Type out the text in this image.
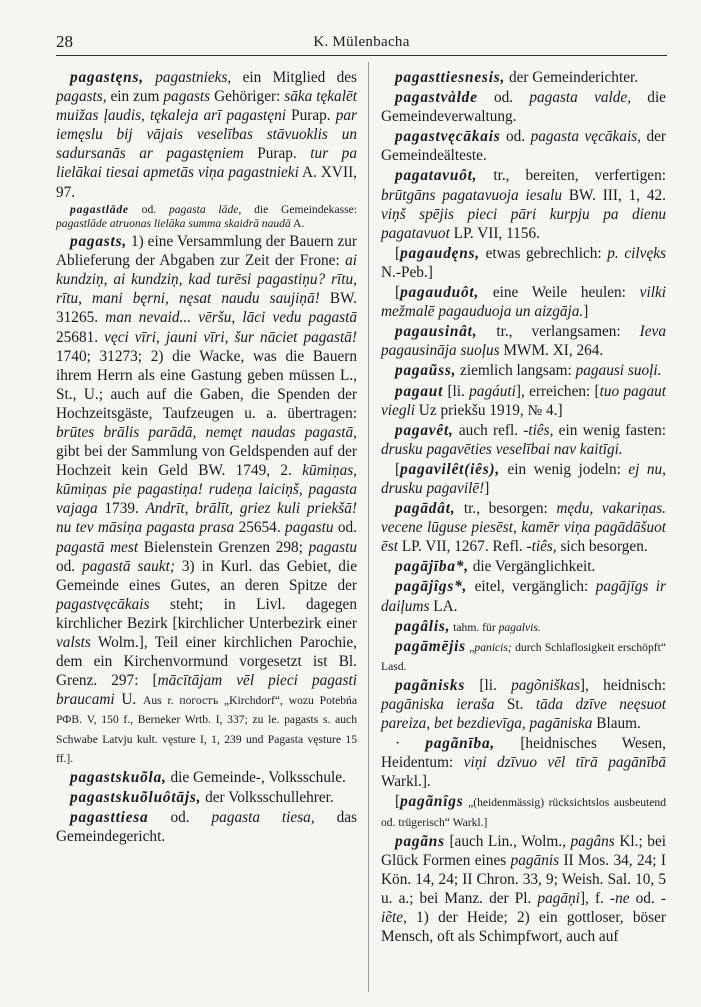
28	K. Mülenbacha

pagastęns, pagastnieks, ein Mitglied des pagasts, ein zum pagasts Gehöriger: sāka tękalēt muižas ļaudis, tękaleja arī pagastęni Purap. par iemęslu bij vājais veselības stāvuoklis un sadursanās ar pagastęniem Purap. tur pa lielākai tiesai apmetās viņa pagastnieki A. XVII, 97.

pagastlāde od. pagasta lāde, die Gemeindekasse: pagastlāde atruonas lielāka summa skaidrā naudā A.

pagasts, 1) eine Versammlung der Bauern zur Ablieferung der Abgaben zur Zeit der Frone: ai kundziņ, ai kundziņ, kad turēsi pagastiņu? rītu, rītu, mani bęrni, nęsat naudu saujiņā! BW. 31265. man nevaid... vēršu, lāci vedu pagastā 25681. vęci vīri, jauni vīri, šur nāciet pagastā! 1740; 31273; 2) die Wacke, was die Bauern ihrem Herrn als eine Gastung geben müssen L., St., U.; auch auf die Gaben, die Spenden der Hochzeitsgäste, Taufzeugen u. a. übertragen: brūtes brālis parādā, nemęt naudas pagastā, gibt bei der Sammlung von Geldspenden auf der Hochzeit kein Geld BW. 1749, 2. kūmiņas, kūmiņas pie pagastiņa! rudeņa laiciņš, pagasta vajaga 1739. Andrīt, brālīt, griez kuli priekšā! nu tev māsiņa pagasta prasa 25654. pagastu od. pagastā mest Bielenstein Grenzen 298; pagastu od. pagastā saukt; 3) in Kurl. das Gebiet, die Gemeinde eines Gutes, an deren Spitze der pagastvęcākais steht; in Livl. dagegen kirchlicher Bezirk [kirchlicher Unterbezirk einer valsts Wolm.], Teil einer kirchlichen Parochie, dem ein Kirchenvormund vorgesetzt ist Bl. Grenz. 297: [mācītājam vēl pieci pagasti braucami U. Aus r. погостъ „Kirchdorf“, wozu Potebńa РФВ. V, 150 f., Berneker Wrtb. I, 337; zu le. pagasts s. auch Schwabe Latvju kult. vęsture I, 1, 239 und Pagasta vęsture 15 ff.].

pagastskuõla, die Gemeinde-, Volksschule.

pagastskuõluôtājs, der Volksschullehrer.

pagasttiesa od. pagasta tiesa, das Gemeindegericht.

pagasttiesnesis, der Gemeinderichter.

pagastvàlde od. pagasta valde, die Gemeindeverwaltung.

pagastvęcākais od. pagasta vęcākais, der Gemeindeälteste.

pagatavuôt, tr., bereiten, verfertigen: brūtgāns pagatavuoja iesalu BW. III, 1, 42. viņš spējis pieci pāri kurpju pa dienu pagatavuot LP. VII, 1156.

[pagaudęns, etwas gebrechlich: p. cilvęks N.-Peb.]

[pagauduôt, eine Weile heulen: vilki mežmalē pagauduoja un aizgāja.]

pagausinât, tr., verlangsamen: Ieva pagausināja suoļus MWM. XI, 264.

pagaũss, ziemlich langsam: pagausi suoļi.

pagaut [li. pagáuti], erreichen: [tuo pagaut viegli Uz priekšu 1919, № 4.]

pagavêt, auch refl. -tiês, ein wenig fasten: drusku pagavēties veselībai nav kaitīgi.

[pagavilêt(iês), ein wenig jodeln: ej nu, drusku pagavilē!]

pagādât, tr., besorgen: mędu, vakariņas. vecene lūguse piesēst, kamēr viņa pagādāšuot ēst LP. VII, 1267. Refl. -tiês, sich besorgen.

pagājība*, die Vergänglichkeit.

pagājîgs*, eitel, vergänglich: pagājīgs ir daiļums LA.

pagâlis, tahm. für pagalvis.

pagāmējis „panicis; durch Schlaflosigkeit erschöpft“ Lasd.

pagãnisks [li. pagõniškas], heidnisch: pagāniska ieraša St. tāda dzīve neęsuot pareiza, bet bezdievīga, pagāniska Blaum.

· pagãnība, [heidnisches Wesen, Heidentum: viņi dzīvuo vēl tīrā pagānībā Warkl.].

[pagãnîgs „(heidenmässig) rücksichtslos ausbeutend od. trügerisch“ Warkl.]

pagãns [auch Lin., Wolm., pagâns Kl.; bei Glück Formen eines pagānis II Mos. 34, 24; I Kön. 14, 24; II Chron. 33, 9; Weish. Sal. 10, 5 u. a.; bei Manz. der Pl. pagāņi], f. -ne od. -iẽte, 1) der Heide; 2) ein gottloser, böser Mensch, oft als Schimpfwort, auch auf
